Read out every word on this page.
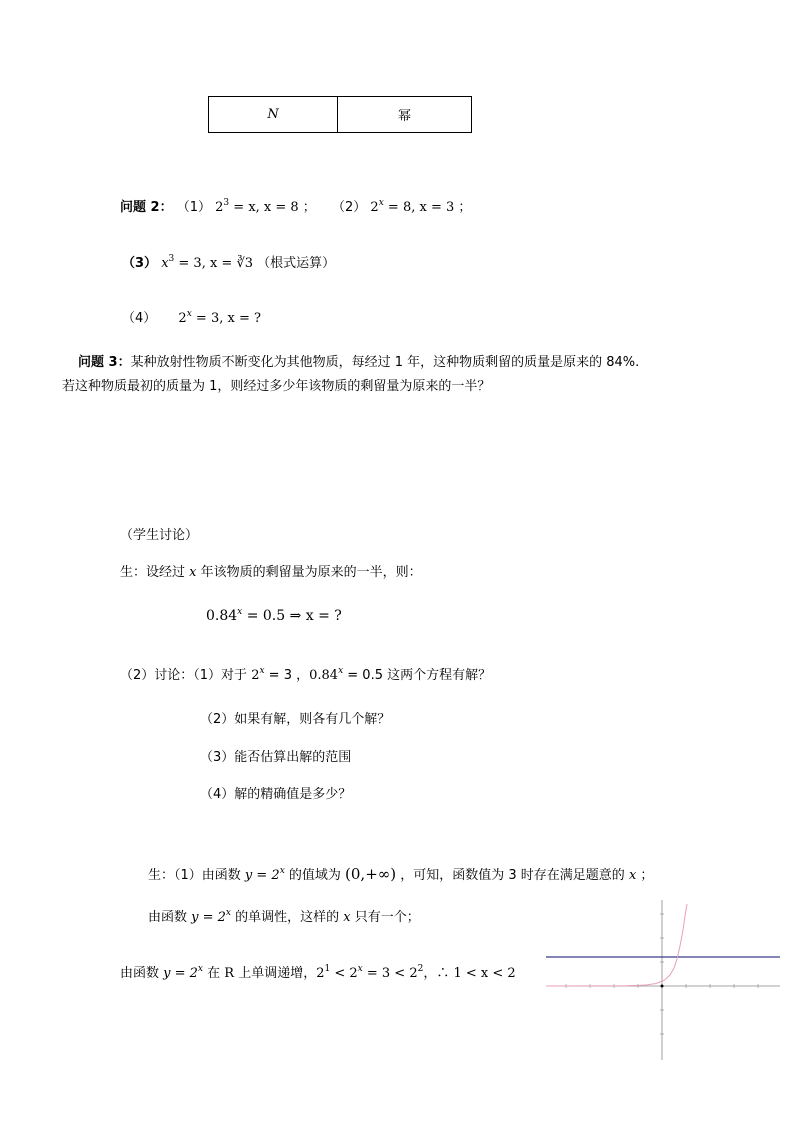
N	幂
问题 2： （1） $2^3 = x$, x = 8 ； （2） $2^x = 8$, x = 3 ；
（3） $x^3 = 3$, x = ∛3 （根式运算）
（4） $2^x = 3$, x = ?
问题 3：某种放射性物质不断变化为其他物质，每经过 1 年，这种物质剩留的质量是原来的 84%.
若这种物质最初的质量为 1，则经过多少年该物质的剩留量为原来的一半？
（学生讨论）
生：设经过 x 年该物质的剩留量为原来的一半，则：
$0.84^x = 0.5$ ⇒ x = ?
（2）讨论：（1）对于 $2^x = 3$ ，$0.84^x = 0.5$ 这两个方程有解？
（2）如果有解，则各有几个解？
（3）能否估算出解的范围
（4）解的精确值是多少？
生：（1）由函数 $y = 2^x$ 的值域为 (0,+∞) ，可知，函数值为 3 时存在满足题意的 x ；
由函数 $y = 2^x$ 的单调性，这样的 x 只有一个；
由函数 $y = 2^x$ 在 R 上单调递增，$2^1 < 2^x = 3 < 2^2$，∴ 1 < x < 2
